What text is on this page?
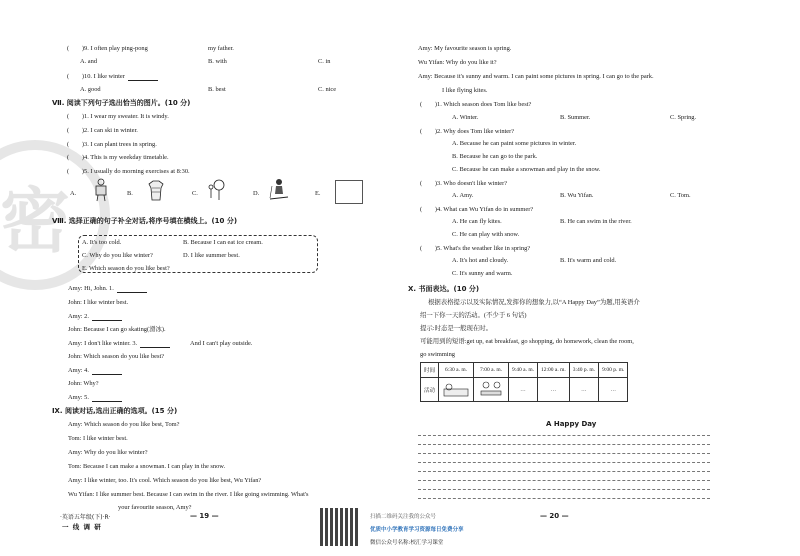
密
(　　)9. I often play ping-pong	my father.
A. and	B. with	C. in
(　　)10. I like winter
A. good	B. best	C. nice
Ⅶ. 阅读下列句子选出恰当的图片。(10 分)
(　　)1. I wear my sweater. It is windy.
(　　)2. I can ski in winter.
(　　)3. I can plant trees in spring.
(　　)4. This is my weekday timetable.
(　　)5. I usually do morning exercises at 8:30.
A.	B.	C.	D.	E.
Ⅷ. 选择正确的句子补全对话,将序号填在横线上。(10 分)
A. It's too cold.	B. Because I can eat ice cream.
C. Why do you like winter?	D. I like summer best.
E. Which season do you like best?
Amy: Hi, John. 1.
John: I like winter best.
Amy: 2.
John: Because I can go skating(滑冰).
Amy: I don't like winter. 3.	And I can't play outside.
John: Which season do you like best?
Amy: 4.
John: Why?
Amy: 5.
Ⅸ. 阅读对话,选出正确的选项。(15 分)
Amy: Which season do you like best, Tom?
Tom: I like winter best.
Amy: Why do you like winter?
Tom: Because I can make a snowman. I can play in the snow.
Amy: I like winter, too. It's cool. Which season do you like best, Wu Yifan?
Wu Yifan: I like summer best. Because I can swim in the river. I like going swimming. What's
your favourite season, Amy?
·英语五年级(下)·R·
一 线 调 研
— 19 —
Amy: My favourite season is spring.
Wu Yifan: Why do you like it?
Amy: Because it's sunny and warm. I can paint some pictures in spring. I can go to the park.
I like flying kites.
(　　)1. Which season does Tom like best?
A. Winter.	B. Summer.	C. Spring.
(　　)2. Why does Tom like winter?
A. Because he can paint some pictures in winter.
B. Because he can go to the park.
C. Because he can make a snowman and play in the snow.
(　　)3. Who doesn't like winter?
A. Amy.	B. Wu Yifan.	C. Tom.
(　　)4. What can Wu Yifan do in summer?
A. He can fly kites.	B. He can swim in the river.
C. He can play with snow.
(　　)5. What's the weather like in spring?
A. It's hot and cloudy.	B. It's warm and cold.
C. It's sunny and warm.
Ⅹ. 书面表达。(10 分)
根据表格提示以及实际情况,发挥你的想象力,以“A Happy Day”为题,用英语介
绍一下你一天的活动。(不少于 6 句话)
提示:时态是一般现在时。
可能用到的短语:get up, eat breakfast, go shopping, do homework, clean the room,
go swimming
时间	6:30 a. m.	7:00 a. m.	9:40 a. m.	12:00 a. m.	3:40 p. m.	9:00 p. m.
活动			…	…	…	…
A Happy Day
扫描二维码关注我的公众号
优质中小学教育学习资源每日免费分享
微信公众号名称:校汇学习课堂
— 20 —
